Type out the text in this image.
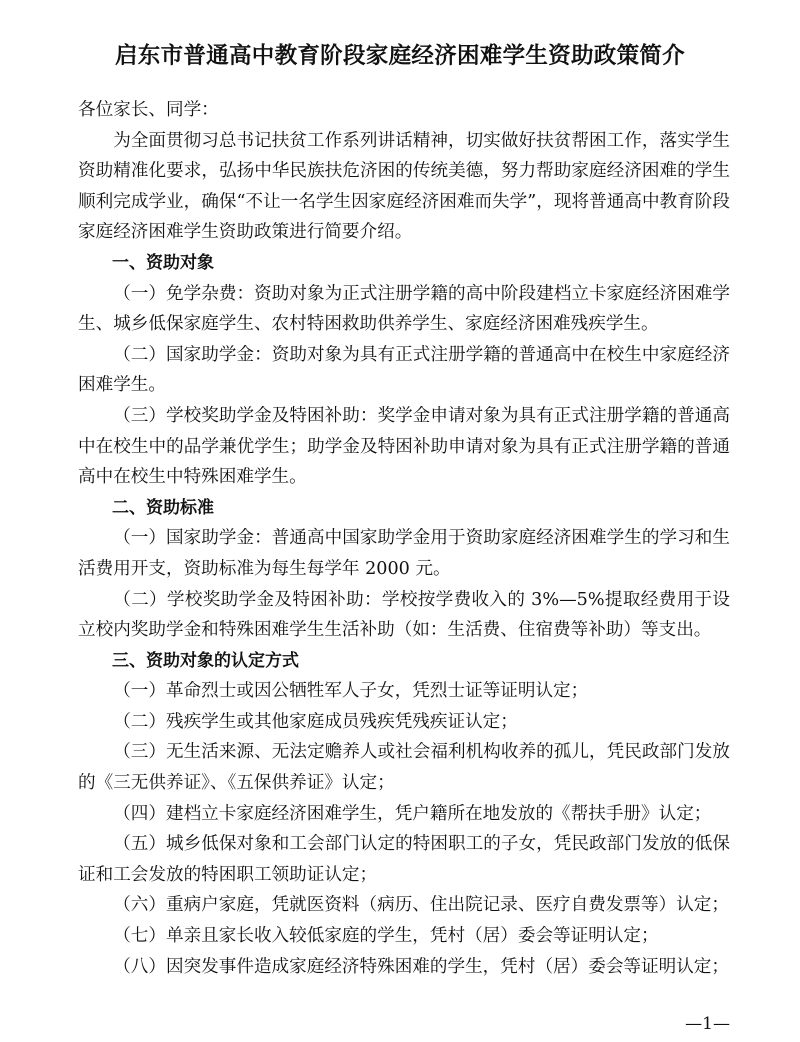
启东市普通高中教育阶段家庭经济困难学生资助政策简介

各位家长、同学：

为全面贯彻习总书记扶贫工作系列讲话精神，切实做好扶贫帮困工作，落实学生资助精准化要求，弘扬中华民族扶危济困的传统美德，努力帮助家庭经济困难的学生顺利完成学业，确保“不让一名学生因家庭经济困难而失学”，现将普通高中教育阶段家庭经济困难学生资助政策进行简要介绍。

一、资助对象

（一）免学杂费：资助对象为正式注册学籍的高中阶段建档立卡家庭经济困难学生、城乡低保家庭学生、农村特困救助供养学生、家庭经济困难残疾学生。

（二）国家助学金：资助对象为具有正式注册学籍的普通高中在校生中家庭经济困难学生。

（三）学校奖助学金及特困补助：奖学金申请对象为具有正式注册学籍的普通高中在校生中的品学兼优学生；助学金及特困补助申请对象为具有正式注册学籍的普通高中在校生中特殊困难学生。

二、资助标准

（一）国家助学金：普通高中国家助学金用于资助家庭经济困难学生的学习和生活费用开支，资助标准为每生每学年 2000 元。

（二）学校奖助学金及特困补助：学校按学费收入的 3%—5%提取经费用于设立校内奖助学金和特殊困难学生生活补助（如：生活费、住宿费等补助）等支出。

三、资助对象的认定方式

（一）革命烈士或因公牺牲军人子女，凭烈士证等证明认定；

（二）残疾学生或其他家庭成员残疾凭残疾证认定；

（三）无生活来源、无法定赡养人或社会福利机构收养的孤儿，凭民政部门发放的《三无供养证》、《五保供养证》认定；

（四）建档立卡家庭经济困难学生，凭户籍所在地发放的《帮扶手册》认定；

（五）城乡低保对象和工会部门认定的特困职工的子女，凭民政部门发放的低保证和工会发放的特困职工领助证认定；

（六）重病户家庭，凭就医资料（病历、住出院记录、医疗自费发票等）认定；

（七）单亲且家长收入较低家庭的学生，凭村（居）委会等证明认定；

（八）因突发事件造成家庭经济特殊困难的学生，凭村（居）委会等证明认定；

—1—
